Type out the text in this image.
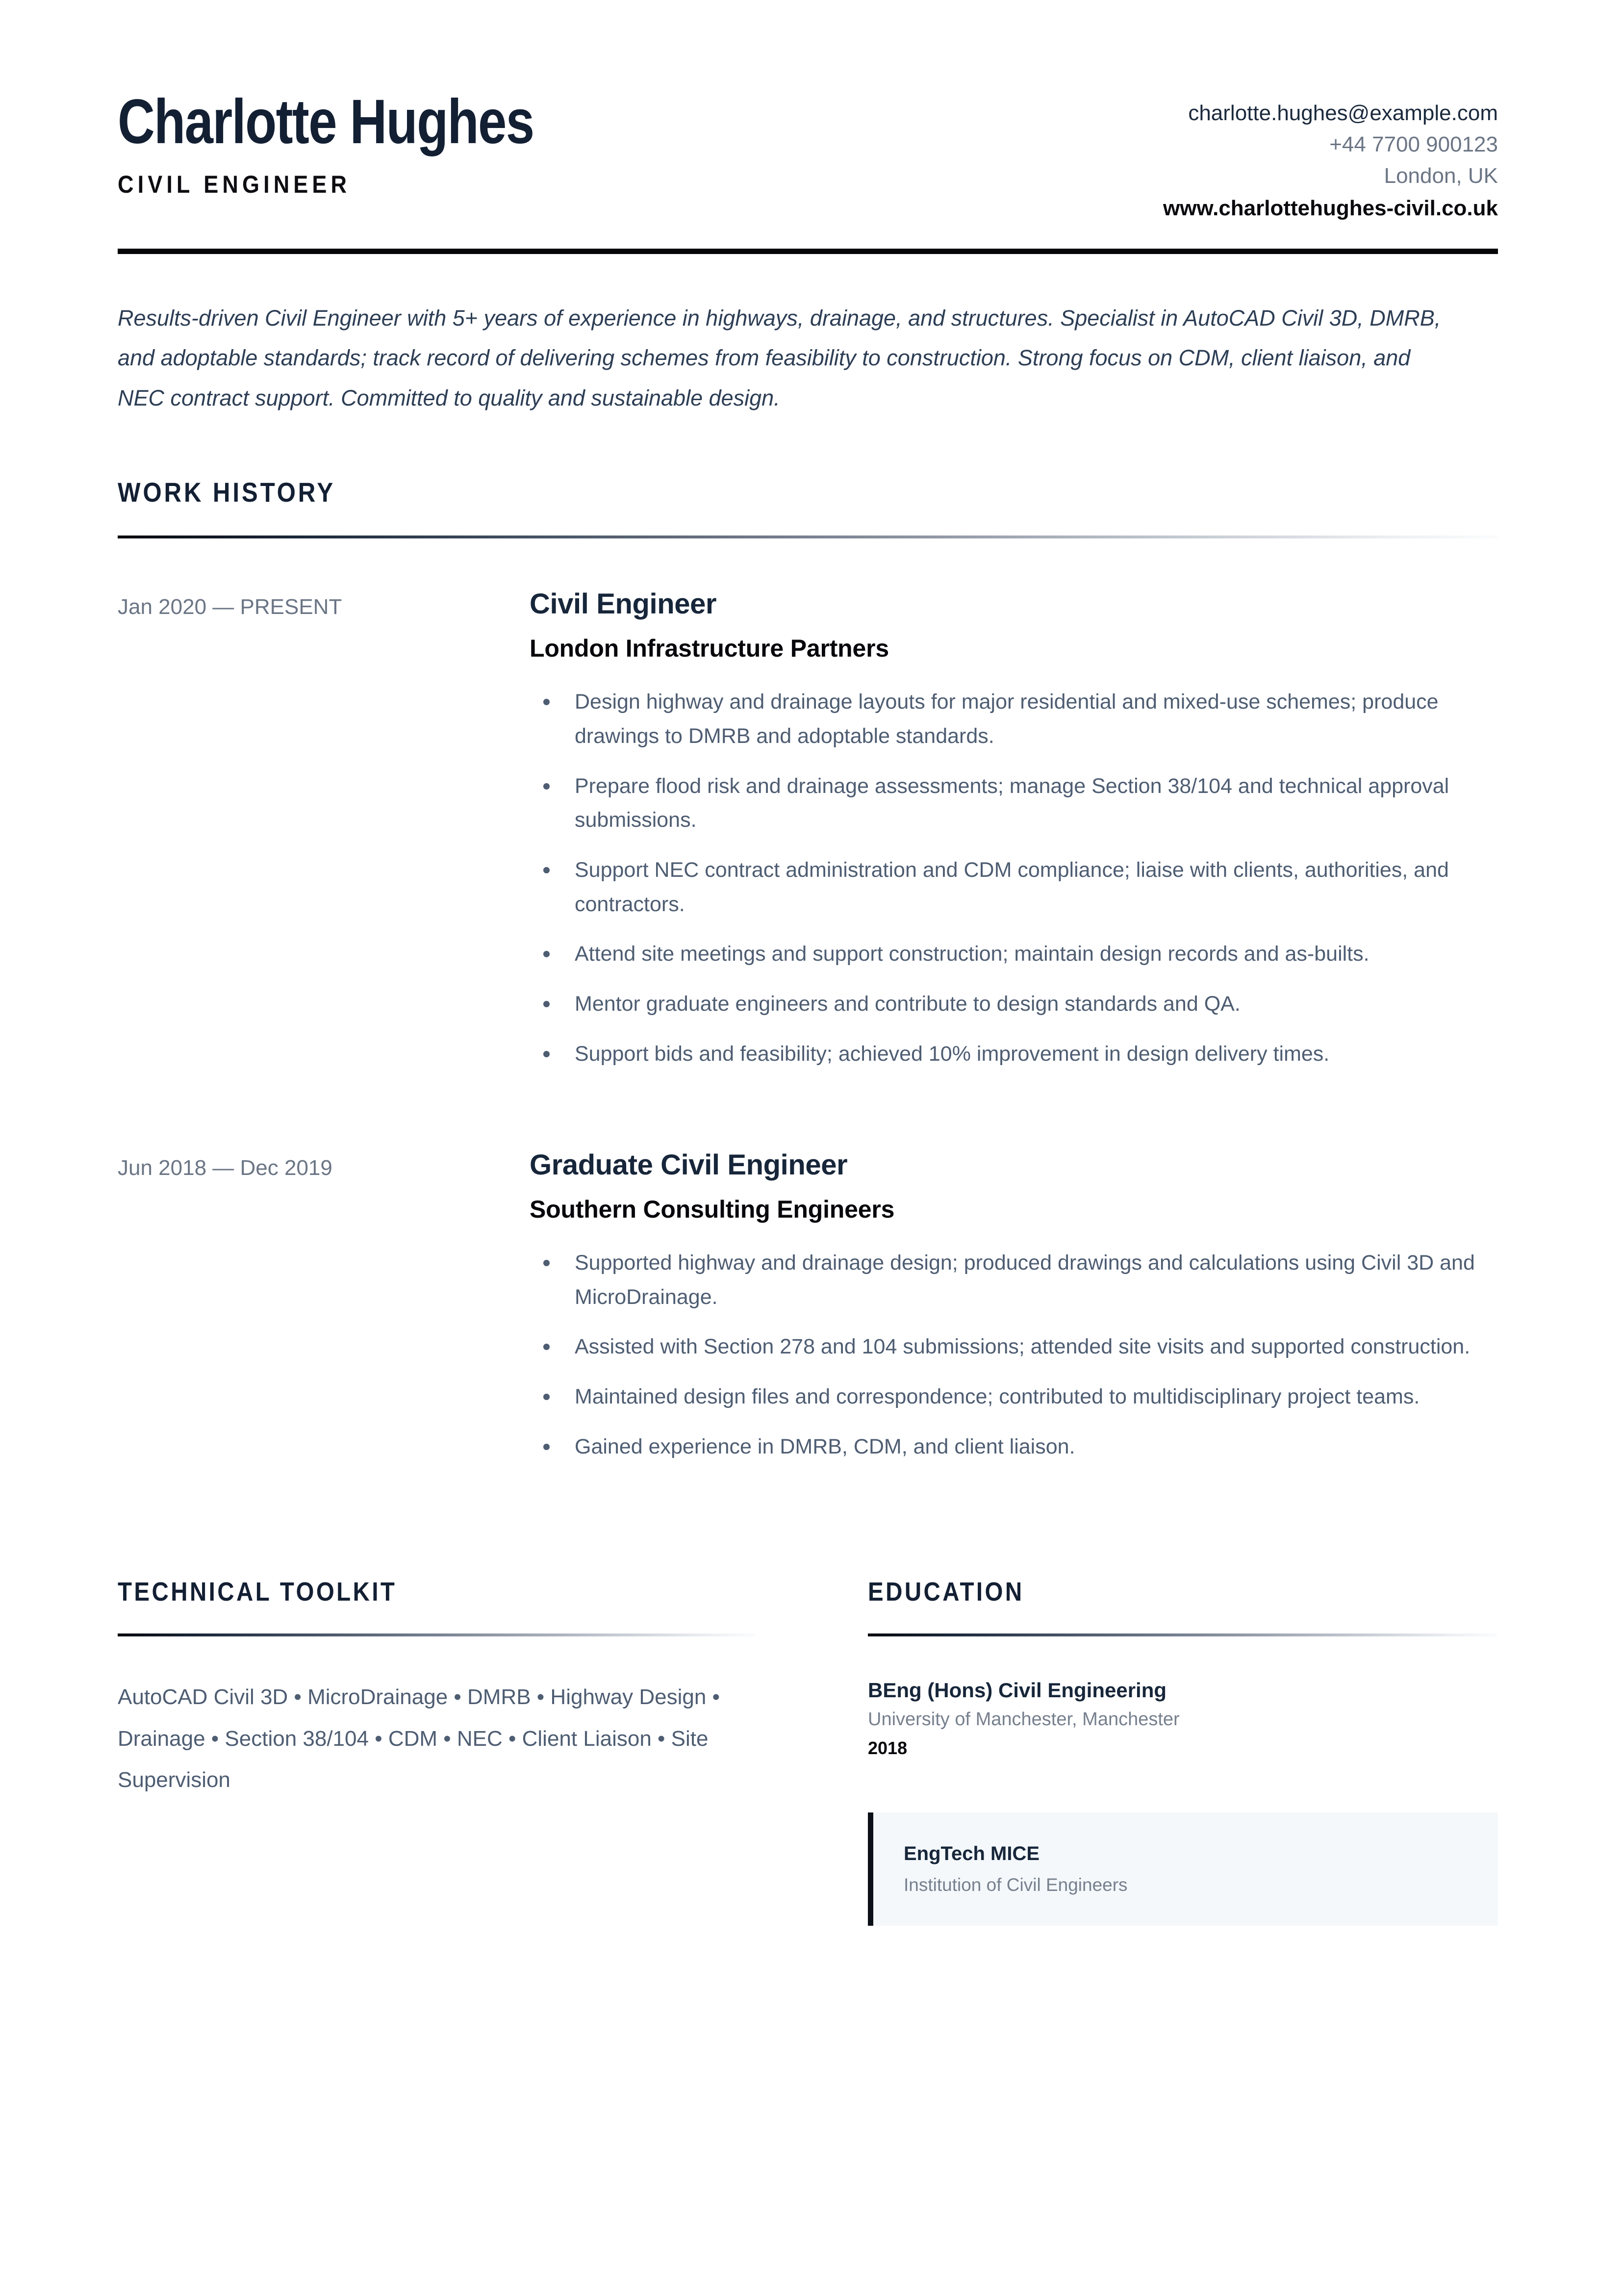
Charlotte Hughes
CIVIL ENGINEER
charlotte.hughes@example.com
+44 7700 900123
London, UK
www.charlottehughes-civil.co.uk

Results-driven Civil Engineer with 5+ years of experience in highways, drainage, and structures. Specialist in AutoCAD Civil 3D, DMRB, and adoptable standards; track record of delivering schemes from feasibility to construction. Strong focus on CDM, client liaison, and NEC contract support. Committed to quality and sustainable design.

WORK HISTORY
Jan 2020 — PRESENT	Civil Engineer
London Infrastructure Partners
Design highway and drainage layouts for major residential and mixed-use schemes; produce drawings to DMRB and adoptable standards.
Prepare flood risk and drainage assessments; manage Section 38/104 and technical approval submissions.
Support NEC contract administration and CDM compliance; liaise with clients, authorities, and contractors.
Attend site meetings and support construction; maintain design records and as-builts.
Mentor graduate engineers and contribute to design standards and QA.
Support bids and feasibility; achieved 10% improvement in design delivery times.
Jun 2018 — Dec 2019	Graduate Civil Engineer
Southern Consulting Engineers
Supported highway and drainage design; produced drawings and calculations using Civil 3D and MicroDrainage.
Assisted with Section 278 and 104 submissions; attended site visits and supported construction.
Maintained design files and correspondence; contributed to multidisciplinary project teams.
Gained experience in DMRB, CDM, and client liaison.
TECHNICAL TOOLKIT
AutoCAD Civil 3D • MicroDrainage • DMRB • Highway Design • Drainage • Section 38/104 • CDM • NEC • Client Liaison • Site Supervision
EDUCATION
BEng (Hons) Civil Engineering
University of Manchester, Manchester
2018
EngTech MICE
Institution of Civil Engineers
